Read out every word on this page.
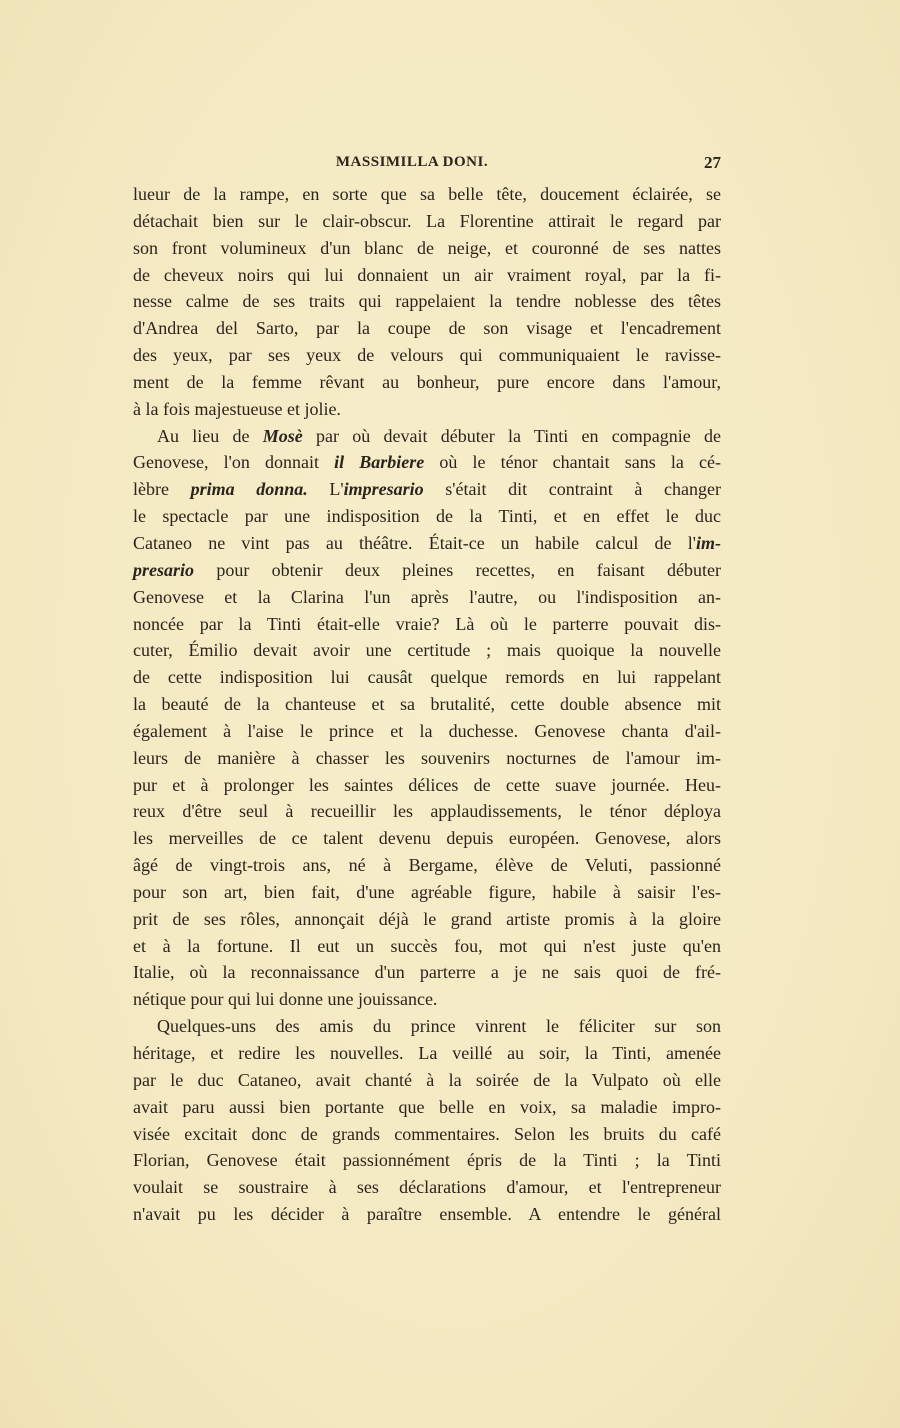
MASSIMILLA DONI.	27
lueur de la rampe, en sorte que sa belle tête, doucement éclairée, se
détachait bien sur le clair-obscur. La Florentine attirait le regard par
son front volumineux d'un blanc de neige, et couronné de ses nattes
de cheveux noirs qui lui donnaient un air vraiment royal, par la fi-
nesse calme de ses traits qui rappelaient la tendre noblesse des têtes
d'Andrea del Sarto, par la coupe de son visage et l'encadrement
des yeux, par ses yeux de velours qui communiquaient le ravisse-
ment de la femme rêvant au bonheur, pure encore dans l'amour,
à la fois majestueuse et jolie.
Au lieu de Mosè par où devait débuter la Tinti en compagnie de
Genovese, l'on donnait il Barbiere où le ténor chantait sans la cé-
lèbre prima donna. L'impresario s'était dit contraint à changer
le spectacle par une indisposition de la Tinti, et en effet le duc
Cataneo ne vint pas au théâtre. Était-ce un habile calcul de l'im-
presario pour obtenir deux pleines recettes, en faisant débuter
Genovese et la Clarina l'un après l'autre, ou l'indisposition an-
noncée par la Tinti était-elle vraie? Là où le parterre pouvait dis-
cuter, Émilio devait avoir une certitude ; mais quoique la nouvelle
de cette indisposition lui causât quelque remords en lui rappelant
la beauté de la chanteuse et sa brutalité, cette double absence mit
également à l'aise le prince et la duchesse. Genovese chanta d'ail-
leurs de manière à chasser les souvenirs nocturnes de l'amour im-
pur et à prolonger les saintes délices de cette suave journée. Heu-
reux d'être seul à recueillir les applaudissements, le ténor déploya
les merveilles de ce talent devenu depuis européen. Genovese, alors
âgé de vingt-trois ans, né à Bergame, élève de Veluti, passionné
pour son art, bien fait, d'une agréable figure, habile à saisir l'es-
prit de ses rôles, annonçait déjà le grand artiste promis à la gloire
et à la fortune. Il eut un succès fou, mot qui n'est juste qu'en
Italie, où la reconnaissance d'un parterre a je ne sais quoi de fré-
nétique pour qui lui donne une jouissance.
Quelques-uns des amis du prince vinrent le féliciter sur son
héritage, et redire les nouvelles. La veillé au soir, la Tinti, amenée
par le duc Cataneo, avait chanté à la soirée de la Vulpato où elle
avait paru aussi bien portante que belle en voix, sa maladie impro-
visée excitait donc de grands commentaires. Selon les bruits du café
Florian, Genovese était passionnément épris de la Tinti ; la Tinti
voulait se soustraire à ses déclarations d'amour, et l'entrepreneur
n'avait pu les décider à paraître ensemble. A entendre le général
